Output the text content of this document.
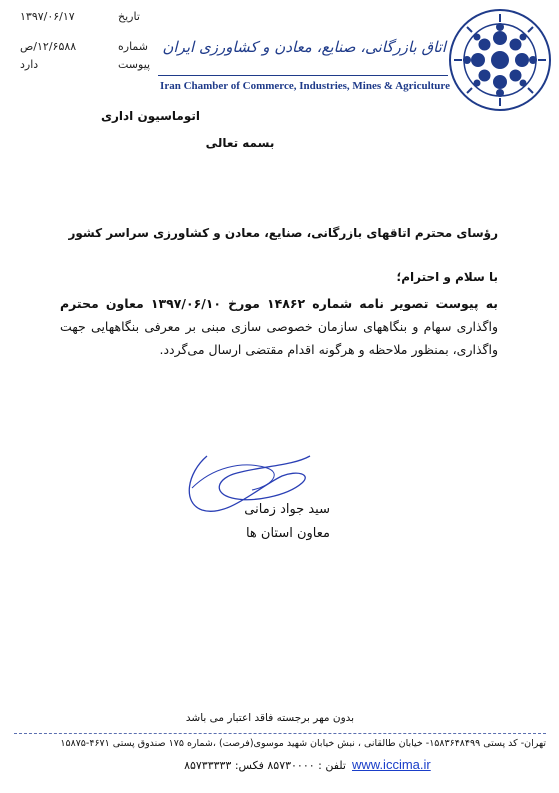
۱۳۹۷/۰۶/۱۷	تاریخ
۱۲/۶۵۸۸/ص	شماره
دارد	پیوست
اتاق بازرگانی، صنایع، معادن و کشاورزی ایران
Iran Chamber of Commerce, Industries, Mines & Agriculture
اتوماسیون اداری
بسمه تعالی
رؤسای محترم اتاقهای بازرگانی، صنایع، معادن و کشاورزی سراسر کشور
با سلام و احترام؛
به پیوست تصویر نامه شماره ۱۴۸۶۲ مورخ ۱۳۹۷/۰۶/۱۰ معاون محترم واگذاری سهام و بنگاههای سازمان خصوصی سازی مبنی بر معرفی بنگاههایی جهت واگذاری، بمنظور ملاحظه و هرگونه اقدام مقتضی ارسال می‌گردد.
سید جواد زمانی
معاون استان ها
بدون مهر برجسته فاقد اعتبار می باشد
تهران- کد پستی ۱۵۸۳۶۴۸۴۹۹- خیابان طالقانی ، نبش خیابان شهید موسوی(فرصت) ،شماره ۱۷۵ صندوق پستی ۴۶۷۱-۱۵۸۷۵
تلفن : ۸۵۷۳۰۰۰۰ فکس: ۸۵۷۳۳۳۳۳ www.iccima.ir
